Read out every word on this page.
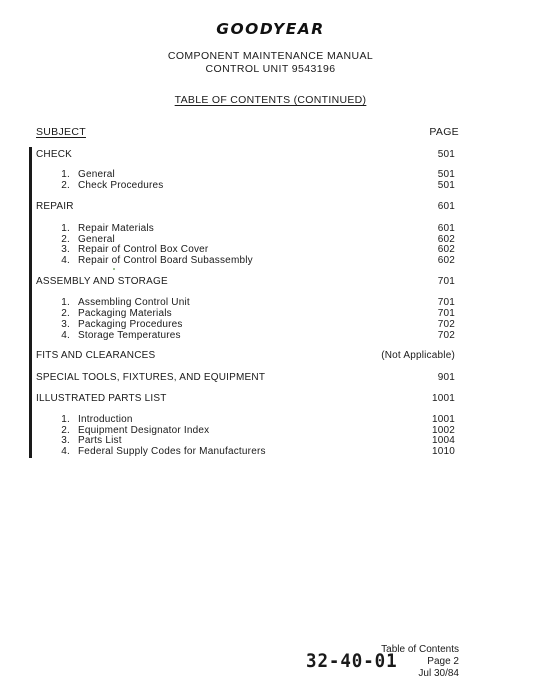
GOODYEAR
COMPONENT MAINTENANCE MANUAL
CONTROL UNIT 9543196
TABLE OF CONTENTS (CONTINUED)
SUBJECT	PAGE
CHECK	501
1. General	501
2. Check Procedures	501
REPAIR	601
1. Repair Materials	601
2. General	602
3. Repair of Control Box Cover	602
4. Repair of Control Board Subassembly	602
ASSEMBLY AND STORAGE	701
1. Assembling Control Unit	701
2. Packaging Materials	701
3. Packaging Procedures	702
4. Storage Temperatures	702
FITS AND CLEARANCES	(Not Applicable)
SPECIAL TOOLS, FIXTURES, AND EQUIPMENT	901
ILLUSTRATED PARTS LIST	1001
1. Introduction	1001
2. Equipment Designator Index	1002
3. Parts List	1004
4. Federal Supply Codes for Manufacturers	1010
Table of Contents
32-40-01	Page 2
Jul 30/84
